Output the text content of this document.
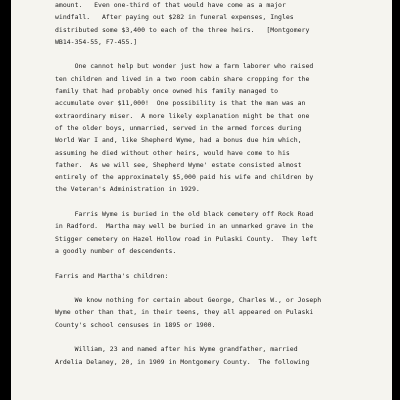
amount.   Even one-third of that would have come as a major
windfall.   After paying out $282 in funeral expenses, Ingles
distributed some $3,400 to each of the three heirs.   [Montgomery
WB14-354-55, F7-455.]
One cannot help but wonder just how a farm laborer who raised
ten children and lived in a two room cabin share cropping for the
family that had probably once owned his family managed to
accumulate over $11,000!  One possibility is that the man was an
extraordinary miser.  A more likely explanation might be that one
of the older boys, unmarried, served in the armed forces during
World War I and, like Shepherd Wyme, had a bonus due him which,
assuming he died without other heirs, would have come to his
father.  As we will see, Shepherd Wyme' estate consisted almost
entirely of the approximately $5,000 paid his wife and children by
the Veteran's Administration in 1929.
Farris Wyme is buried in the old black cemetery off Rock Road
in Radford.  Martha may well be buried in an unmarked grave in the
Stigger cemetery on Hazel Hollow road in Pulaski County.  They left
a goodly number of descendents.
Farris and Martha's children:
We know nothing for certain about George, Charles W., or Joseph
Wyme other than that, in their teens, they all appeared on Pulaski
County's school censuses in 1895 or 1900.
William, 23 and named after his Wyme grandfather, married
Ardelia Delaney, 20, in 1909 in Montgomery County.  The following
